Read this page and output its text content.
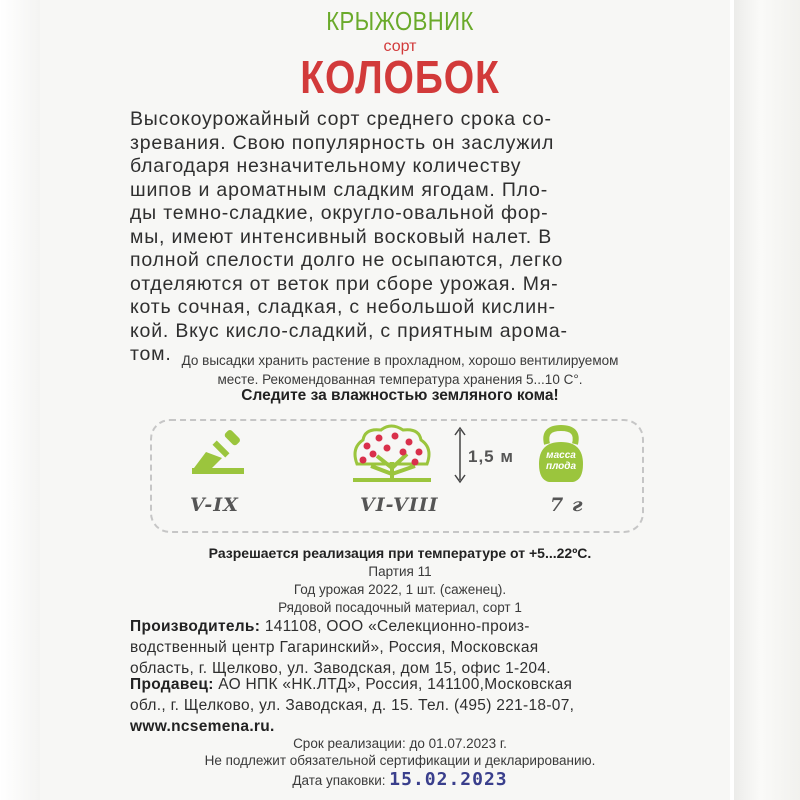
КРЫЖОВНИК
сорт
КОЛОБОК
Высокоурожайный сорт среднего срока со-
зревания. Свою популярность он заслужил
благодаря незначительному количеству
шипов и ароматным сладким ягодам. Пло-
ды темно-сладкие, округло-овальной фор-
мы, имеют интенсивный восковый налет. В
полной спелости долго не осыпаются, легко
отделяются от веток при сборе урожая. Мя-
коть сочная, сладкая, с небольшой кислин-
кой. Вкус кисло-сладкий, с приятным арома-
том. До высадки хранить растение в прохладном, хорошо вентилируемом
месте. Рекомендованная температура хранения 5...10 С°.
Следите за влажностью земляного кома!
V-IX	VI-VIII
1,5 м	масса
плода
7 г
Разрешается реализация при температуре от +5...22ºС.
Партия 11
Год урожая 2022, 1 шт. (саженец).
Рядовой посадочный материал, сорт 1
Производитель: 141108, ООО «Селекционно-произ-
водственный центр Гагаринский», Россия, Московская
область, г. Щелково, ул. Заводская, дом 15, офис 1-204.
Продавец: АО НПК «НК.ЛТД», Россия, 141100,Московская
обл., г. Щелково, ул. Заводская, д. 15. Тел. (495) 221-18-07,
www.ncsemena.ru.
Срок реализации: до 01.07.2023 г.
Не подлежит обязательной сертификации и декларированию.
Дата упаковки: 15.02.2023
